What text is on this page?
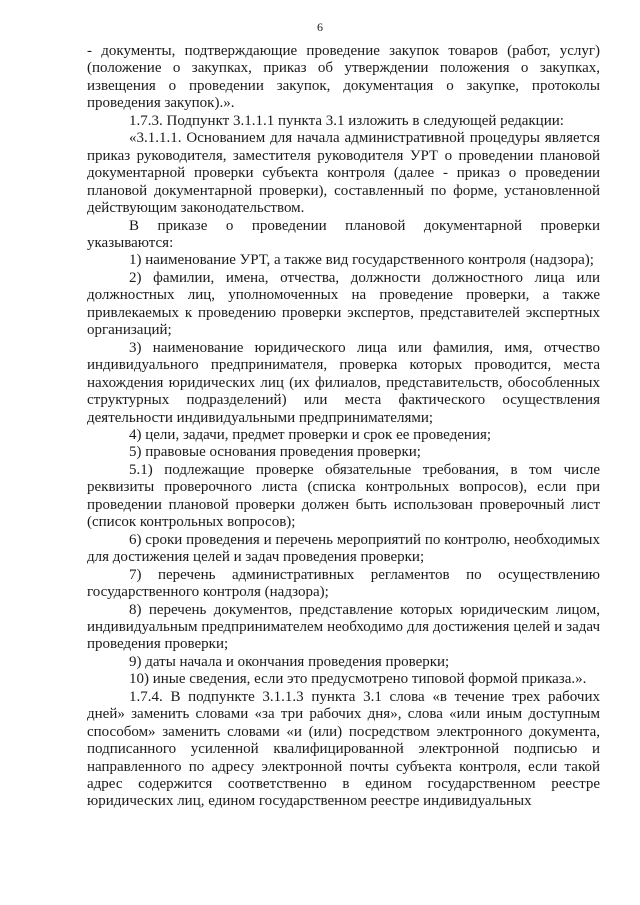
6

- документы, подтверждающие проведение закупок товаров (работ, услуг) (положение о закупках, приказ об утверждении положения о закупках, извещения о проведении закупок, документация о закупке, протоколы проведения закупок).».

1.7.3. Подпункт 3.1.1.1 пункта 3.1 изложить в следующей редакции:

«3.1.1.1. Основанием для начала административной процедуры является приказ руководителя, заместителя руководителя УРТ о проведении плановой документарной проверки субъекта контроля (далее - приказ о проведении плановой документарной проверки), составленный по форме, установленной действующим законодательством.

В приказе о проведении плановой документарной проверки указываются:

1) наименование УРТ, а также вид государственного контроля (надзора);

2) фамилии, имена, отчества, должности должностного лица или должностных лиц, уполномоченных на проведение проверки, а также привлекаемых к проведению проверки экспертов, представителей экспертных организаций;

3) наименование юридического лица или фамилия, имя, отчество индивидуального предпринимателя, проверка которых проводится, места нахождения юридических лиц (их филиалов, представительств, обособленных структурных подразделений) или места фактического осуществления деятельности индивидуальными предпринимателями;

4) цели, задачи, предмет проверки и срок ее проведения;

5) правовые основания проведения проверки;

5.1) подлежащие проверке обязательные требования, в том числе реквизиты проверочного листа (списка контрольных вопросов), если при проведении плановой проверки должен быть использован проверочный лист (список контрольных вопросов);

6) сроки проведения и перечень мероприятий по контролю, необходимых для достижения целей и задач проведения проверки;

7) перечень административных регламентов по осуществлению государственного контроля (надзора);

8) перечень документов, представление которых юридическим лицом, индивидуальным предпринимателем необходимо для достижения целей и задач проведения проверки;

9) даты начала и окончания проведения проверки;

10) иные сведения, если это предусмотрено типовой формой приказа.».

1.7.4. В подпункте 3.1.1.3 пункта 3.1 слова «в течение трех рабочих дней» заменить словами «за три рабочих дня», слова «или иным доступным способом» заменить словами «и (или) посредством электронного документа, подписанного усиленной квалифицированной электронной подписью и направленного по адресу электронной почты субъекта контроля, если такой адрес содержится соответственно в едином государственном реестре юридических лиц, едином государственном реестре индивидуальных
